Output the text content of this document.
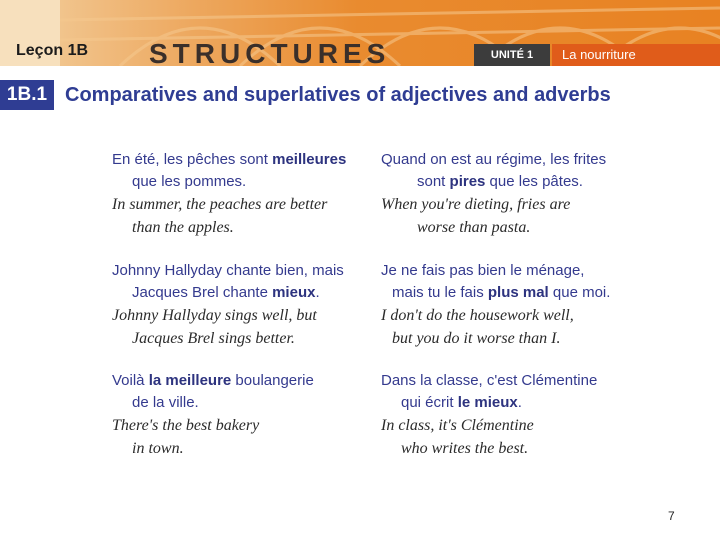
Leçon 1B STRUCTURES	UNITÉ 1	La nourriture
1B.1 Comparatives and superlatives of adjectives and adverbs
En été, les pêches sont meilleures
que les pommes.
In summer, the peaches are better
than the apples.
Quand on est au régime, les frites
sont pires que les pâtes.
When you're dieting, fries are
worse than pasta.
Johnny Hallyday chante bien, mais
Jacques Brel chante mieux.
Johnny Hallyday sings well, but
Jacques Brel sings better.
Je ne fais pas bien le ménage,
mais tu le fais plus mal que moi.
I don't do the housework well,
but you do it worse than I.
Voilà la meilleure boulangerie
de la ville.
There's the best bakery
in town.
Dans la classe, c'est Clémentine
qui écrit le mieux.
In class, it's Clémentine
who writes the best.
7
